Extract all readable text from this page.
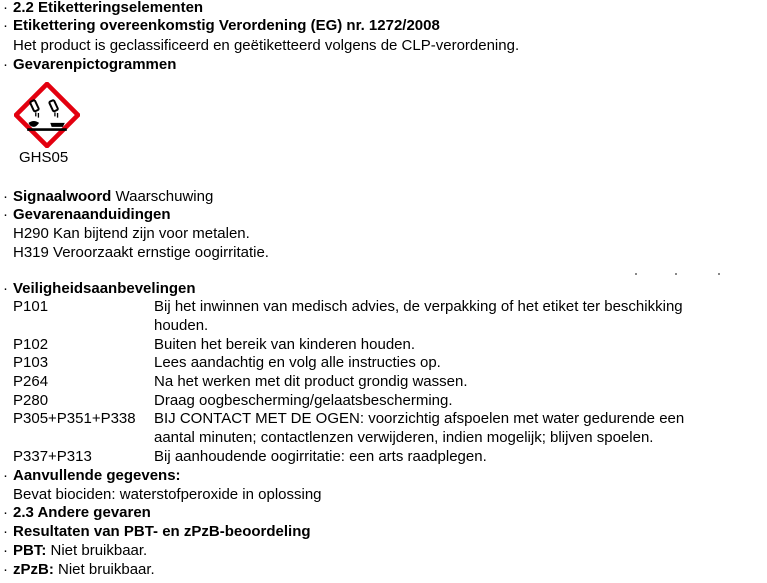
· 2.2 Etiketteringselementen
· Etikettering overeenkomstig Verordening (EG) nr. 1272/2008
Het product is geclassificeerd en geëtiketteerd volgens de CLP-verordening.
· Gevarenpictogrammen
GHS05
· Signaalwoord Waarschuwing
· Gevarenaanduidingen
H290 Kan bijtend zijn voor metalen.
H319 Veroorzaakt ernstige oogirritatie.
· Veiligheidsaanbevelingen
P101	Bij het inwinnen van medisch advies, de verpakking of het etiket ter beschikking
houden.
P102	Buiten het bereik van kinderen houden.
P103	Lees aandachtig en volg alle instructies op.
P264	Na het werken met dit product grondig wassen.
P280	Draag oogbescherming/gelaatsbescherming.
P305+P351+P338 BIJ CONTACT MET DE OGEN: voorzichtig afspoelen met water gedurende een
aantal minuten; contactlenzen verwijderen, indien mogelijk; blijven spoelen.
P337+P313	Bij aanhoudende oogirritatie: een arts raadplegen.
· Aanvullende gegevens:
Bevat biociden: waterstofperoxide in oplossing
· 2.3 Andere gevaren
· Resultaten van PBT- en zPzB-beoordeling
· PBT: Niet bruikbaar.
· zPzB: Niet bruikbaar.
